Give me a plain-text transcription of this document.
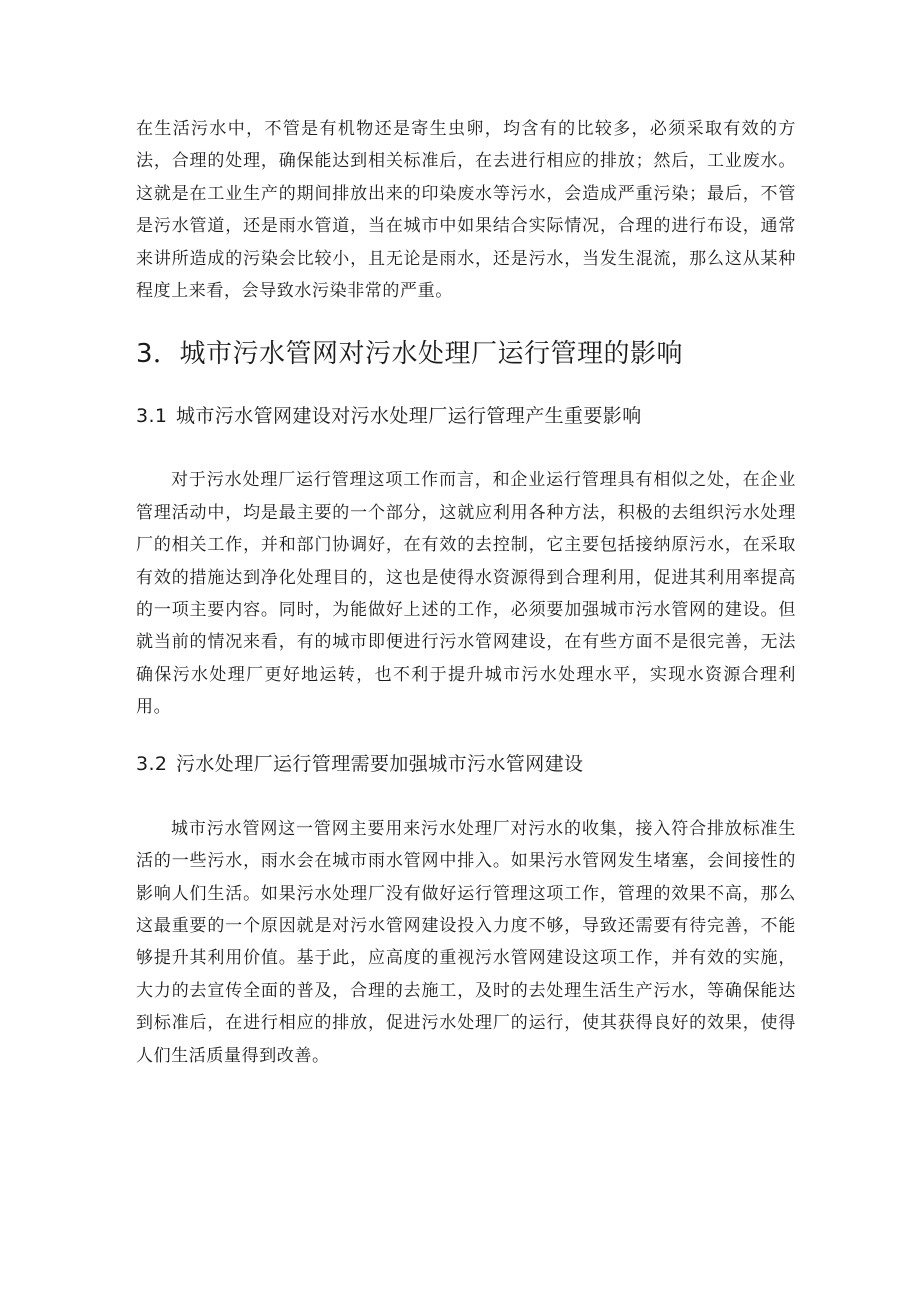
在生活污水中，不管是有机物还是寄生虫卵，均含有的比较多，必须采取有效的方法，合理的处理，确保能达到相关标准后，在去进行相应的排放；然后，工业废水。这就是在工业生产的期间排放出来的印染废水等污水，会造成严重污染；最后，不管是污水管道，还是雨水管道，当在城市中如果结合实际情况，合理的进行布设，通常来讲所造成的污染会比较小，且无论是雨水，还是污水，当发生混流，那么这从某种程度上来看，会导致水污染非常的严重。

3．城市污水管网对污水处理厂运行管理的影响
3.1 城市污水管网建设对污水处理厂运行管理产生重要影响

对于污水处理厂运行管理这项工作而言，和企业运行管理具有相似之处，在企业管理活动中，均是最主要的一个部分，这就应利用各种方法，积极的去组织污水处理厂的相关工作，并和部门协调好，在有效的去控制，它主要包括接纳原污水，在采取有效的措施达到净化处理目的，这也是使得水资源得到合理利用，促进其利用率提高的一项主要内容。同时，为能做好上述的工作，必须要加强城市污水管网的建设。但就当前的情况来看，有的城市即便进行污水管网建设，在有些方面不是很完善，无法确保污水处理厂更好地运转，也不利于提升城市污水处理水平，实现水资源合理利用。

3.2 污水处理厂运行管理需要加强城市污水管网建设

城市污水管网这一管网主要用来污水处理厂对污水的收集，接入符合排放标准生活的一些污水，雨水会在城市雨水管网中排入。如果污水管网发生堵塞，会间接性的影响人们生活。如果污水处理厂没有做好运行管理这项工作，管理的效果不高，那么这最重要的一个原因就是对污水管网建设投入力度不够，导致还需要有待完善，不能够提升其利用价值。基于此，应高度的重视污水管网建设这项工作，并有效的实施，大力的去宣传全面的普及，合理的去施工，及时的去处理生活生产污水，等确保能达到标准后，在进行相应的排放，促进污水处理厂的运行，使其获得良好的效果，使得人们生活质量得到改善。
